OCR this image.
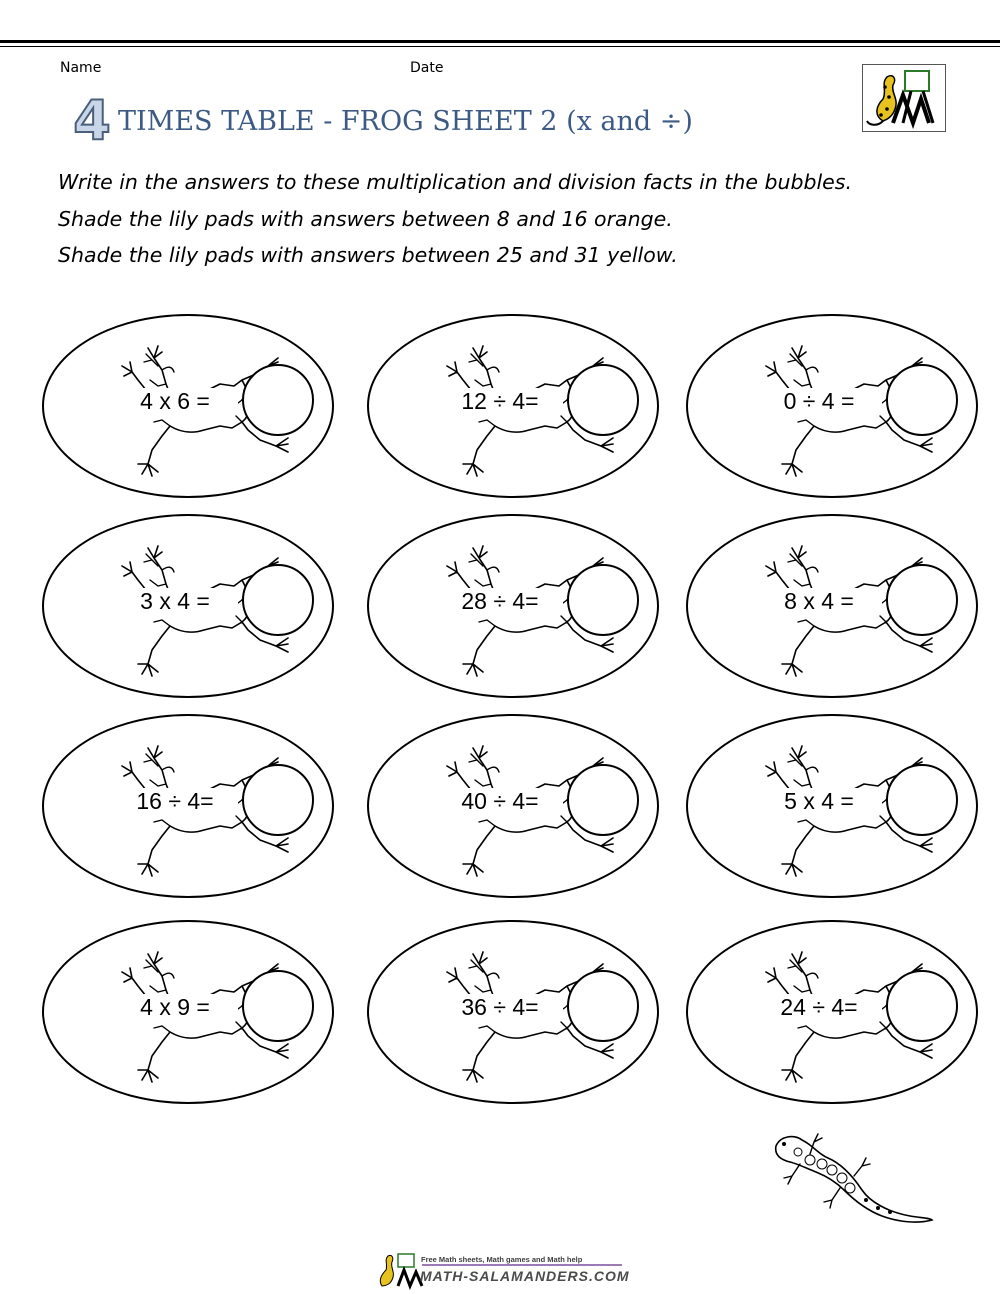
Name	Date
4 TIMES TABLE - FROG SHEET 2 (x and ÷)
Write in the answers to these multiplication and division facts in the bubbles.
Shade the lily pads with answers between 8 and 16 orange.
Shade the lily pads with answers between 25 and 31 yellow.
4 x 6 =	12 ÷ 4=	0 ÷ 4 =
3 x 4 =	28 ÷ 4=	8 x 4 =
16 ÷ 4=	40 ÷ 4=	5 x 4 =
4 x 9 =	36 ÷ 4=	24 ÷ 4=
Free Math sheets, Math games and Math help
MATH-SALAMANDERS.COM
